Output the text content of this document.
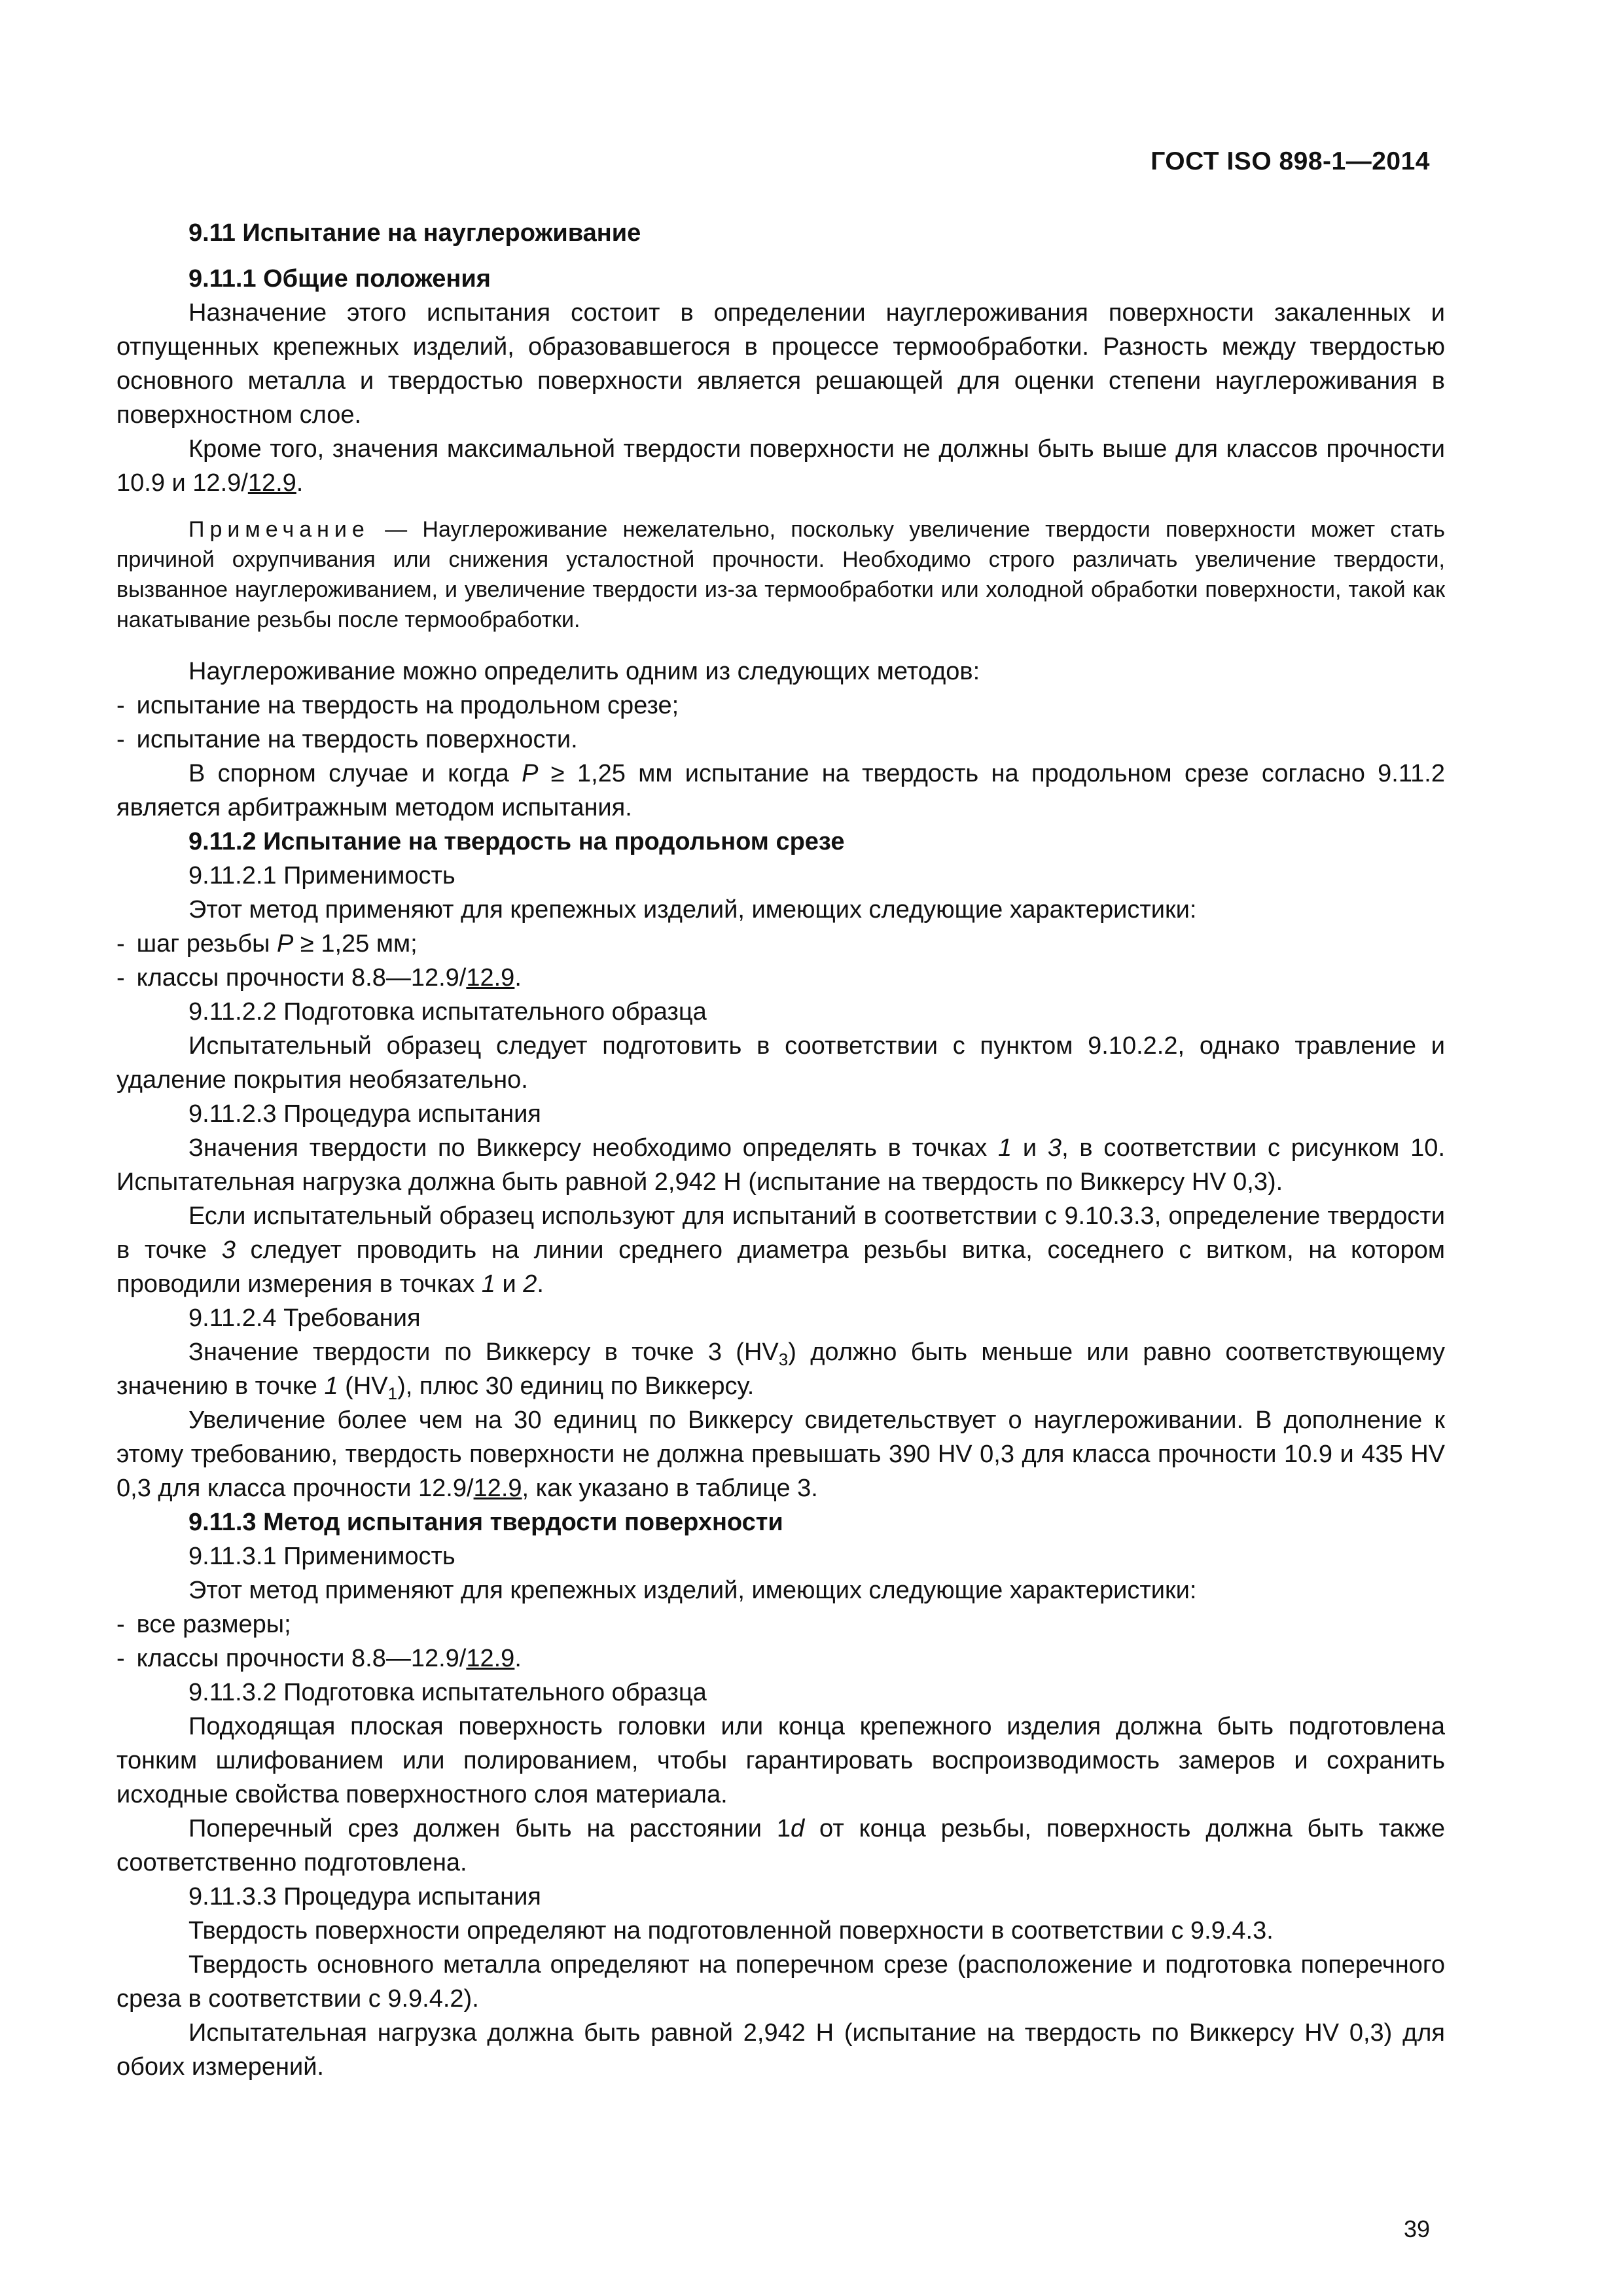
ГОСТ ISO 898-1—2014

9.11 Испытание на науглероживание

9.11.1 Общие положения

Назначение этого испытания состоит в определении науглероживания поверхности закаленных и отпущенных крепежных изделий, образовавшегося в процессе термообработки. Разность между твердостью основного металла и твердостью поверхности является решающей для оценки степени науглероживания в поверхностном слое.

Кроме того, значения максимальной твердости поверхности не должны быть выше для классов прочности 10.9 и 12.9/12.9.

Примечание — Науглероживание нежелательно, поскольку увеличение твердости поверхности может стать причиной охрупчивания или снижения усталостной прочности. Необходимо строго различать увеличение твердости, вызванное науглероживанием, и увеличение твердости из-за термообработки или холодной обработки поверхности, такой как накатывание резьбы после термообработки.

Науглероживание можно определить одним из следующих методов:

- испытание на твердость на продольном срезе;

- испытание на твердость поверхности.

В спорном случае и когда P ≥ 1,25 мм испытание на твердость на продольном срезе согласно 9.11.2 является арбитражным методом испытания.

9.11.2 Испытание на твердость на продольном срезе

9.11.2.1 Применимость

Этот метод применяют для крепежных изделий, имеющих следующие характеристики:

- шаг резьбы P ≥ 1,25 мм;

- классы прочности 8.8—12.9/12.9.

9.11.2.2 Подготовка испытательного образца

Испытательный образец следует подготовить в соответствии с пунктом 9.10.2.2, однако травление и удаление покрытия необязательно.

9.11.2.3 Процедура испытания

Значения твердости по Виккерсу необходимо определять в точках 1 и 3, в соответствии с рисунком 10. Испытательная нагрузка должна быть равной 2,942 Н (испытание на твердость по Виккерсу HV 0,3).

Если испытательный образец используют для испытаний в соответствии с 9.10.3.3, определение твердости в точке 3 следует проводить на линии среднего диаметра резьбы витка, соседнего с витком, на котором проводили измерения в точках 1 и 2.

9.11.2.4 Требования

Значение твердости по Виккерсу в точке 3 $(HV_3)$ должно быть меньше или равно соответствующему значению в точке 1 $(HV_1)$, плюс 30 единиц по Виккерсу.

Увеличение более чем на 30 единиц по Виккерсу свидетельствует о науглероживании. В дополнение к этому требованию, твердость поверхности не должна превышать 390 HV 0,3 для класса прочности 10.9 и 435 HV 0,3 для класса прочности 12.9/12.9, как указано в таблице 3.

9.11.3 Метод испытания твердости поверхности

9.11.3.1 Применимость

Этот метод применяют для крепежных изделий, имеющих следующие характеристики:

- все размеры;

- классы прочности 8.8—12.9/12.9.

9.11.3.2 Подготовка испытательного образца

Подходящая плоская поверхность головки или конца крепежного изделия должна быть подготовлена тонким шлифованием или полированием, чтобы гарантировать воспроизводимость замеров и сохранить исходные свойства поверхностного слоя материала.

Поперечный срез должен быть на расстоянии 1d от конца резьбы, поверхность должна быть также соответственно подготовлена.

9.11.3.3 Процедура испытания

Твердость поверхности определяют на подготовленной поверхности в соответствии с 9.9.4.3.

Твердость основного металла определяют на поперечном срезе (расположение и подготовка поперечного среза в соответствии с 9.9.4.2).

Испытательная нагрузка должна быть равной 2,942 Н (испытание на твердость по Виккерсу HV 0,3) для обоих измерений.

39
